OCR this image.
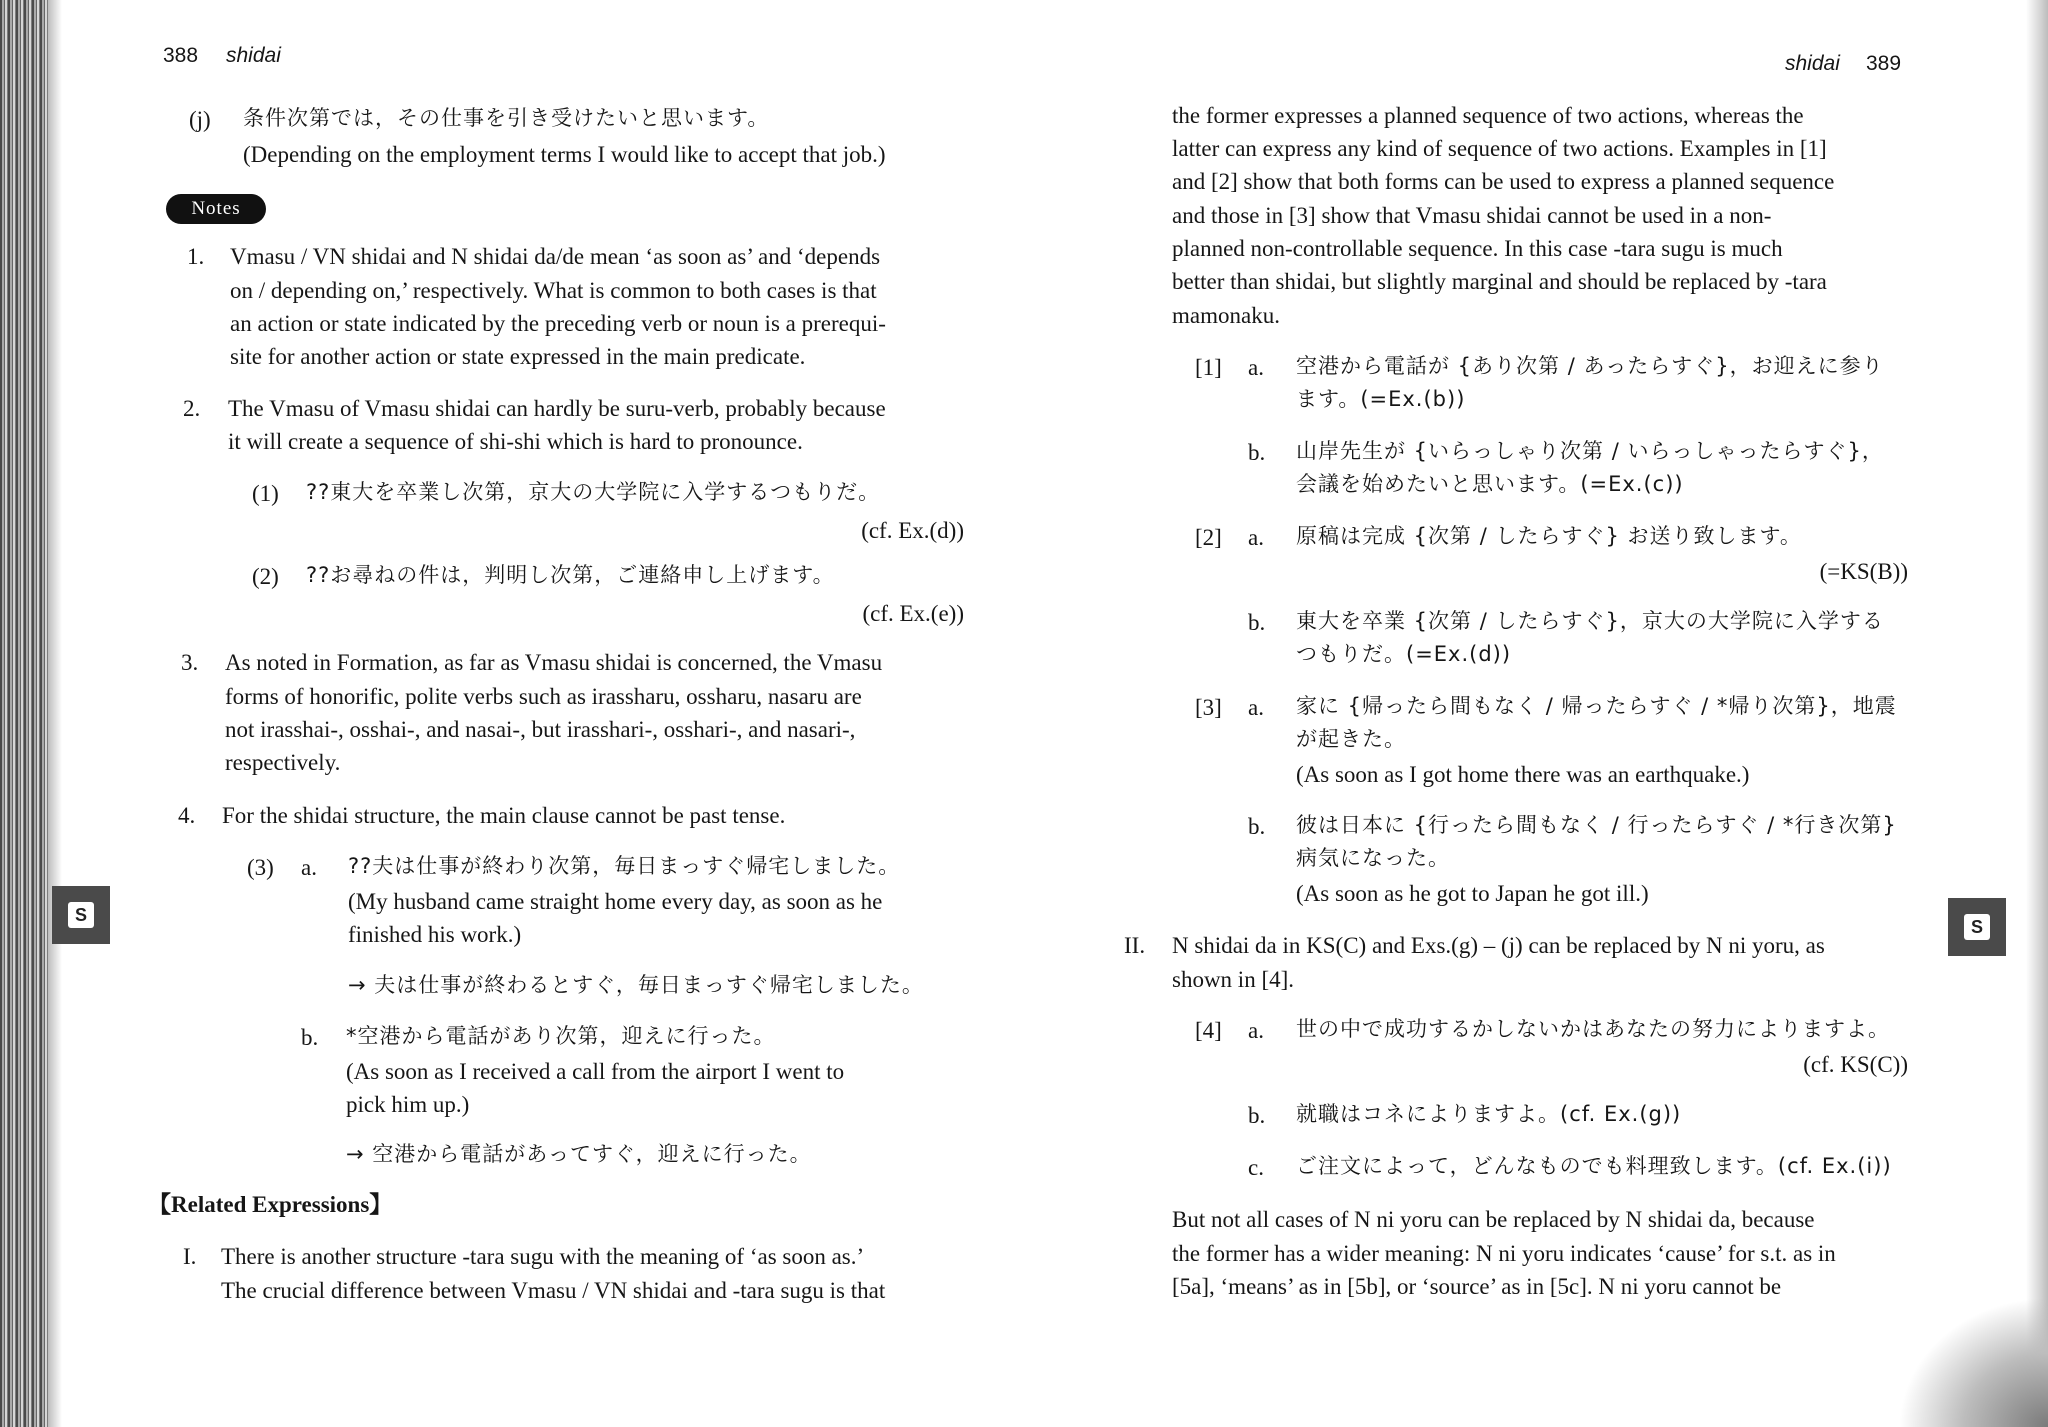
S
S
388 shidai
(j) 条件次第では，その仕事を引き受けたいと思います。
(Depending on the employment terms I would like to accept that job.)
Notes
1. Vmasu / VN shidai and N shidai da/de mean ‘as soon as’ and ‘depends
on / depending on,’ respectively. What is common to both cases is that
an action or state indicated by the preceding verb or noun is a prerequi-
site for another action or state expressed in the main predicate.
2. The Vmasu of Vmasu shidai can hardly be suru-verb, probably because
it will create a sequence of shi-shi which is hard to pronounce.
(1) ??東大を卒業し次第，京大の大学院に入学するつもりだ。
(cf. Ex.(d))
(2) ??お尋ねの件は，判明し次第，ご連絡申し上げます。
(cf. Ex.(e))
3. As noted in Formation, as far as Vmasu shidai is concerned, the Vmasu
forms of honorific, polite verbs such as irassharu, ossharu, nasaru are
not irasshai-, osshai-, and nasai-, but irasshari-, osshari-, and nasari-,
respectively.
4. For the shidai structure, the main clause cannot be past tense.
(3) a. ??夫は仕事が終わり次第，毎日まっすぐ帰宅しました。
(My husband came straight home every day, as soon as he
finished his work.)
→ 夫は仕事が終わるとすぐ，毎日まっすぐ帰宅しました。
b. *空港から電話があり次第，迎えに行った。
(As soon as I received a call from the airport I went to
pick him up.)
→ 空港から電話があってすぐ，迎えに行った。
【Related Expressions】
I. There is another structure -tara sugu with the meaning of ‘as soon as.’
The crucial difference between Vmasu / VN shidai and -tara sugu is that
shidai 389
the former expresses a planned sequence of two actions, whereas the
latter can express any kind of sequence of two actions. Examples in [1]
and [2] show that both forms can be used to express a planned sequence
and those in [3] show that Vmasu shidai cannot be used in a non-
planned non-controllable sequence. In this case -tara sugu is much
better than shidai, but slightly marginal and should be replaced by -tara
mamonaku.
[1] a. 空港から電話が {あり次第 / あったらすぐ}，お迎えに参り
ます。(=Ex.(b))
b. 山岸先生が {いらっしゃり次第 / いらっしゃったらすぐ}，
会議を始めたいと思います。(=Ex.(c))
[2] a. 原稿は完成 {次第 / したらすぐ} お送り致します。
(=KS(B))
b. 東大を卒業 {次第 / したらすぐ}，京大の大学院に入学する
つもりだ。(=Ex.(d))
[3] a. 家に {帰ったら間もなく / 帰ったらすぐ / *帰り次第}，地震
が起きた。
(As soon as I got home there was an earthquake.)
b. 彼は日本に {行ったら間もなく / 行ったらすぐ / *行き次第}
病気になった。
(As soon as he got to Japan he got ill.)
II. N shidai da in KS(C) and Exs.(g) – (j) can be replaced by N ni yoru, as
shown in [4].
[4] a. 世の中で成功するかしないかはあなたの努力によりますよ。
(cf. KS(C))
b. 就職はコネによりますよ。(cf. Ex.(g))
c. ご注文によって，どんなものでも料理致します。(cf. Ex.(i))
But not all cases of N ni yoru can be replaced by N shidai da, because
the former has a wider meaning: N ni yoru indicates ‘cause’ for s.t. as in
[5a], ‘means’ as in [5b], or ‘source’ as in [5c]. N ni yoru cannot be
